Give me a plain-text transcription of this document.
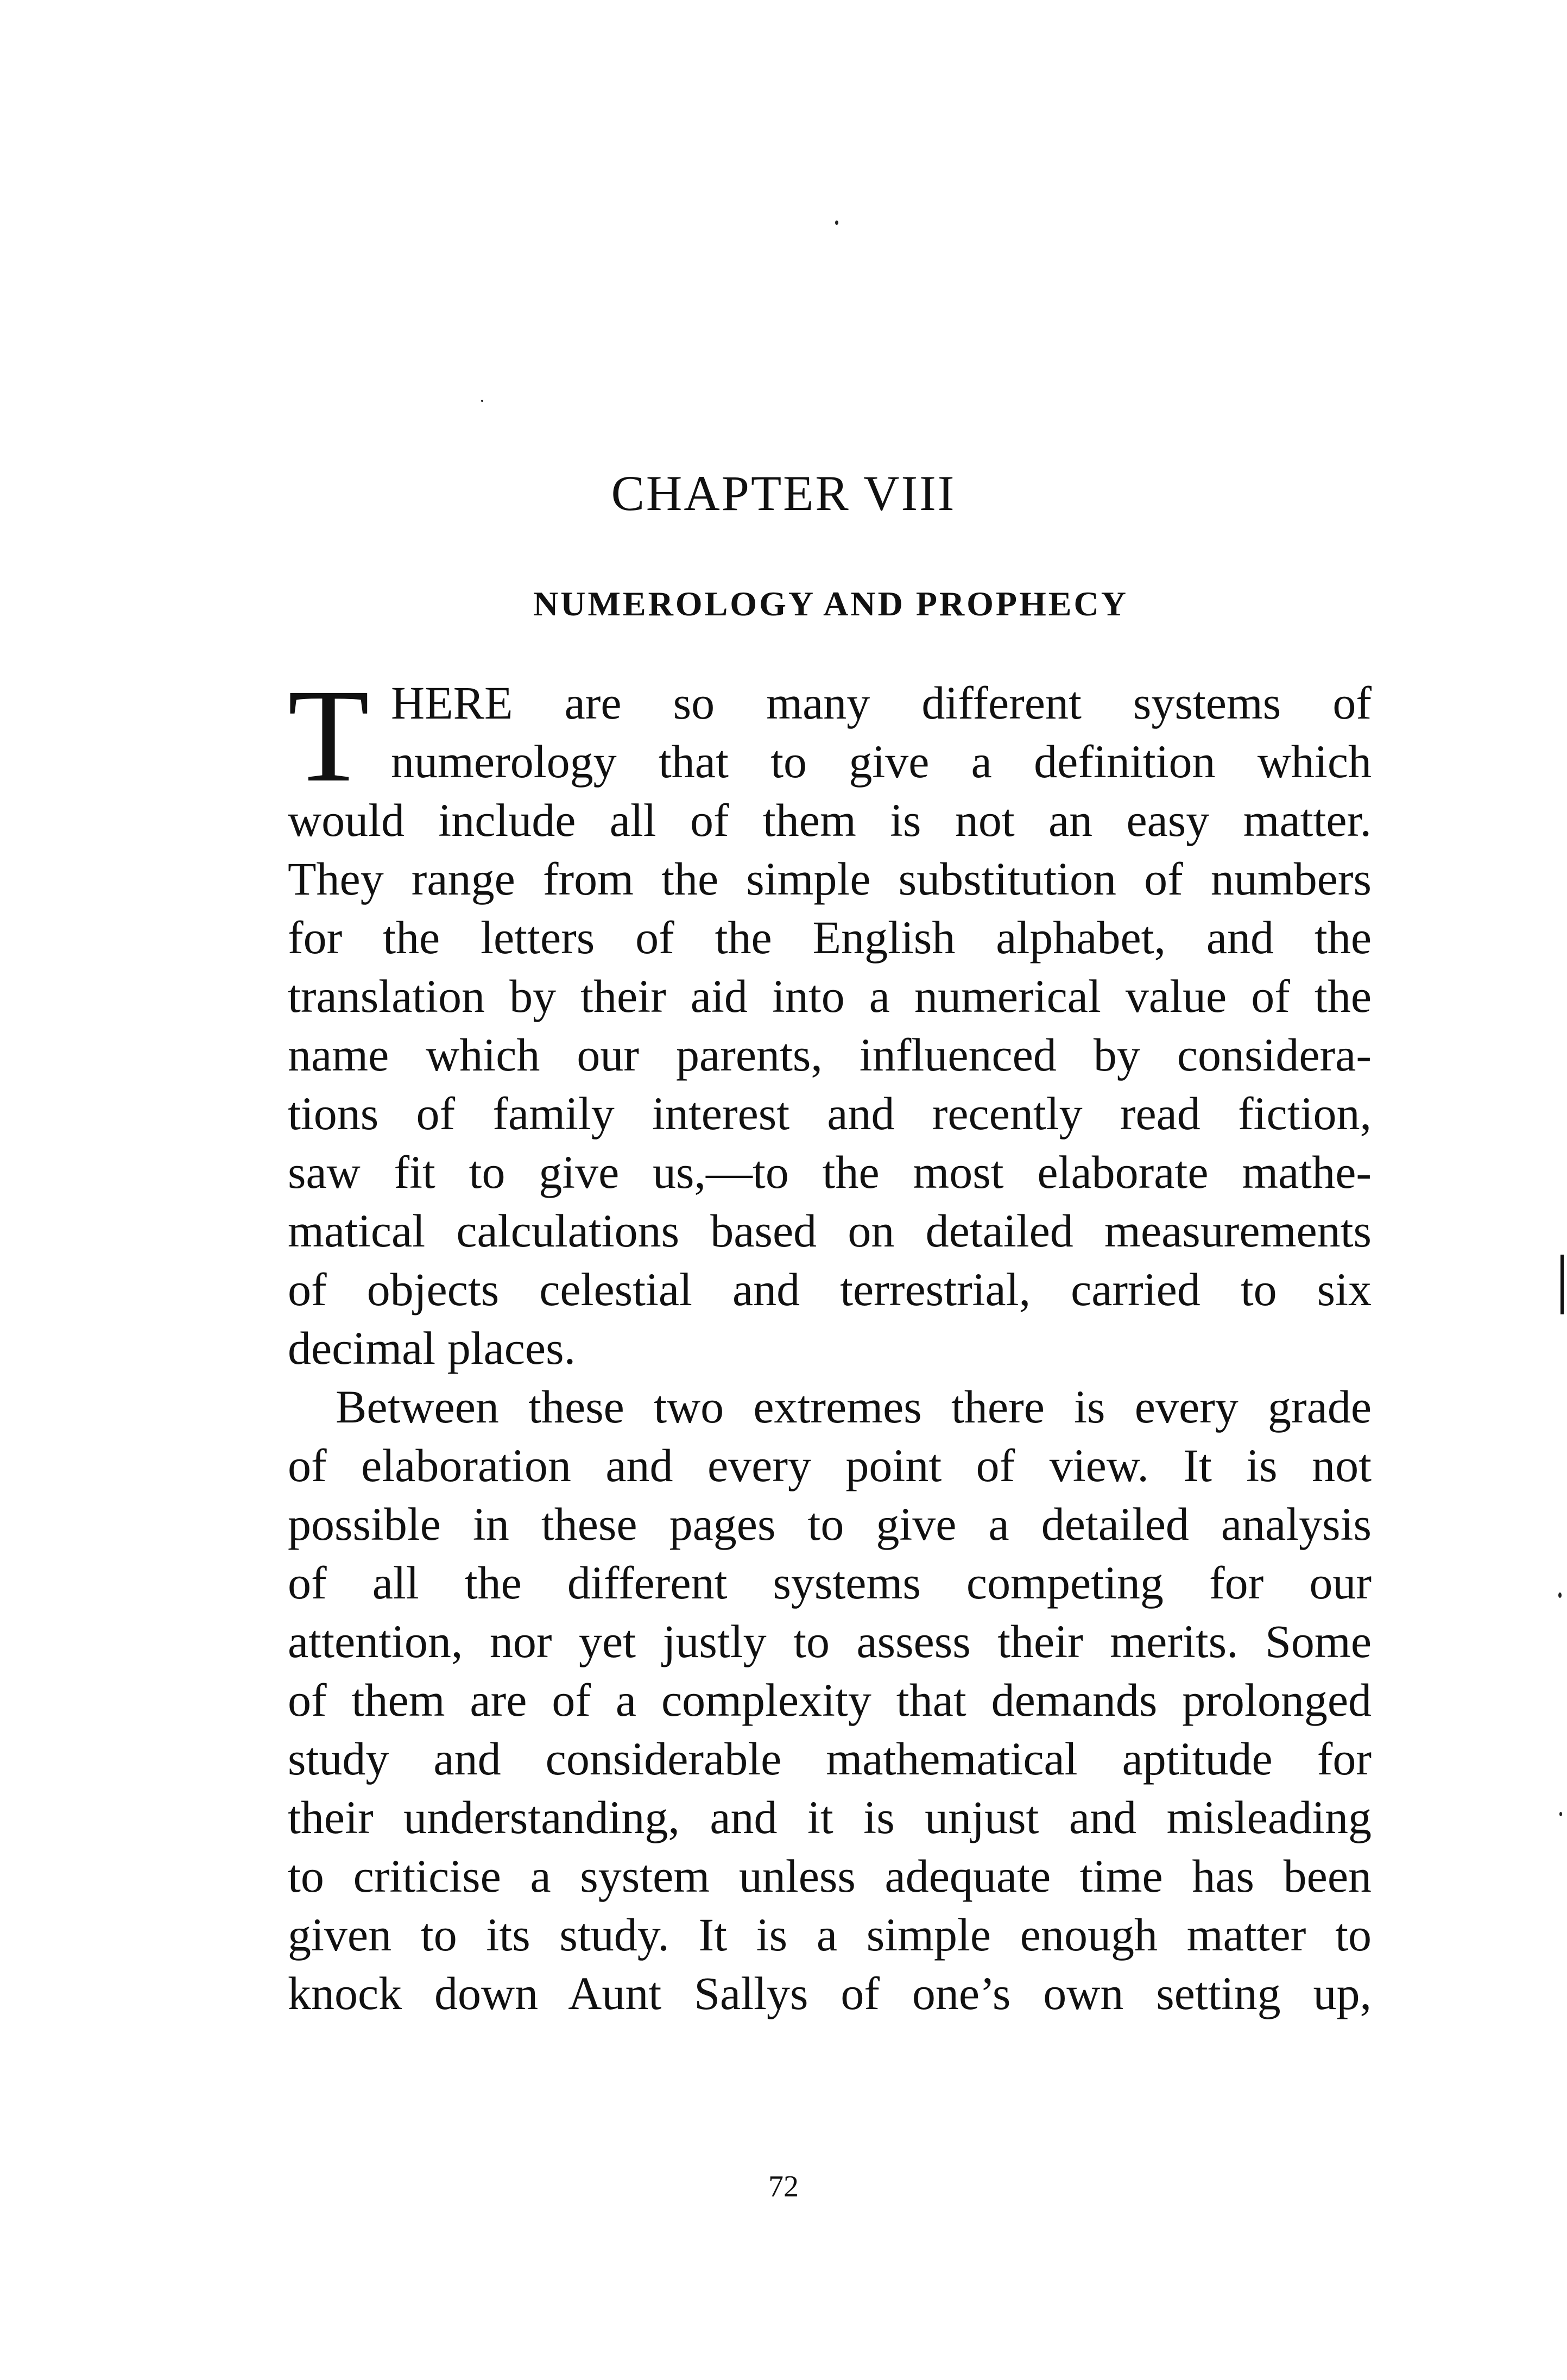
CHAPTER VIII
NUMEROLOGY AND PROPHECY
T HERE are so many different systems of
numerology that to give a definition which
would include all of them is not an easy matter.
They range from the simple substitution of numbers
for the letters of the English alphabet, and the
translation by their aid into a numerical value of the
name which our parents, influenced by considera-
tions of family interest and recently read fiction,
saw fit to give us,—to the most elaborate mathe-
matical calculations based on detailed measurements
of objects celestial and terrestrial, carried to six
decimal places.
Between these two extremes there is every grade
of elaboration and every point of view. It is not
possible in these pages to give a detailed analysis
of all the different systems competing for our
attention, nor yet justly to assess their merits. Some
of them are of a complexity that demands prolonged
study and considerable mathematical aptitude for
their understanding, and it is unjust and misleading
to criticise a system unless adequate time has been
given to its study. It is a simple enough matter to
knock down Aunt Sallys of one’s own setting up,
72
